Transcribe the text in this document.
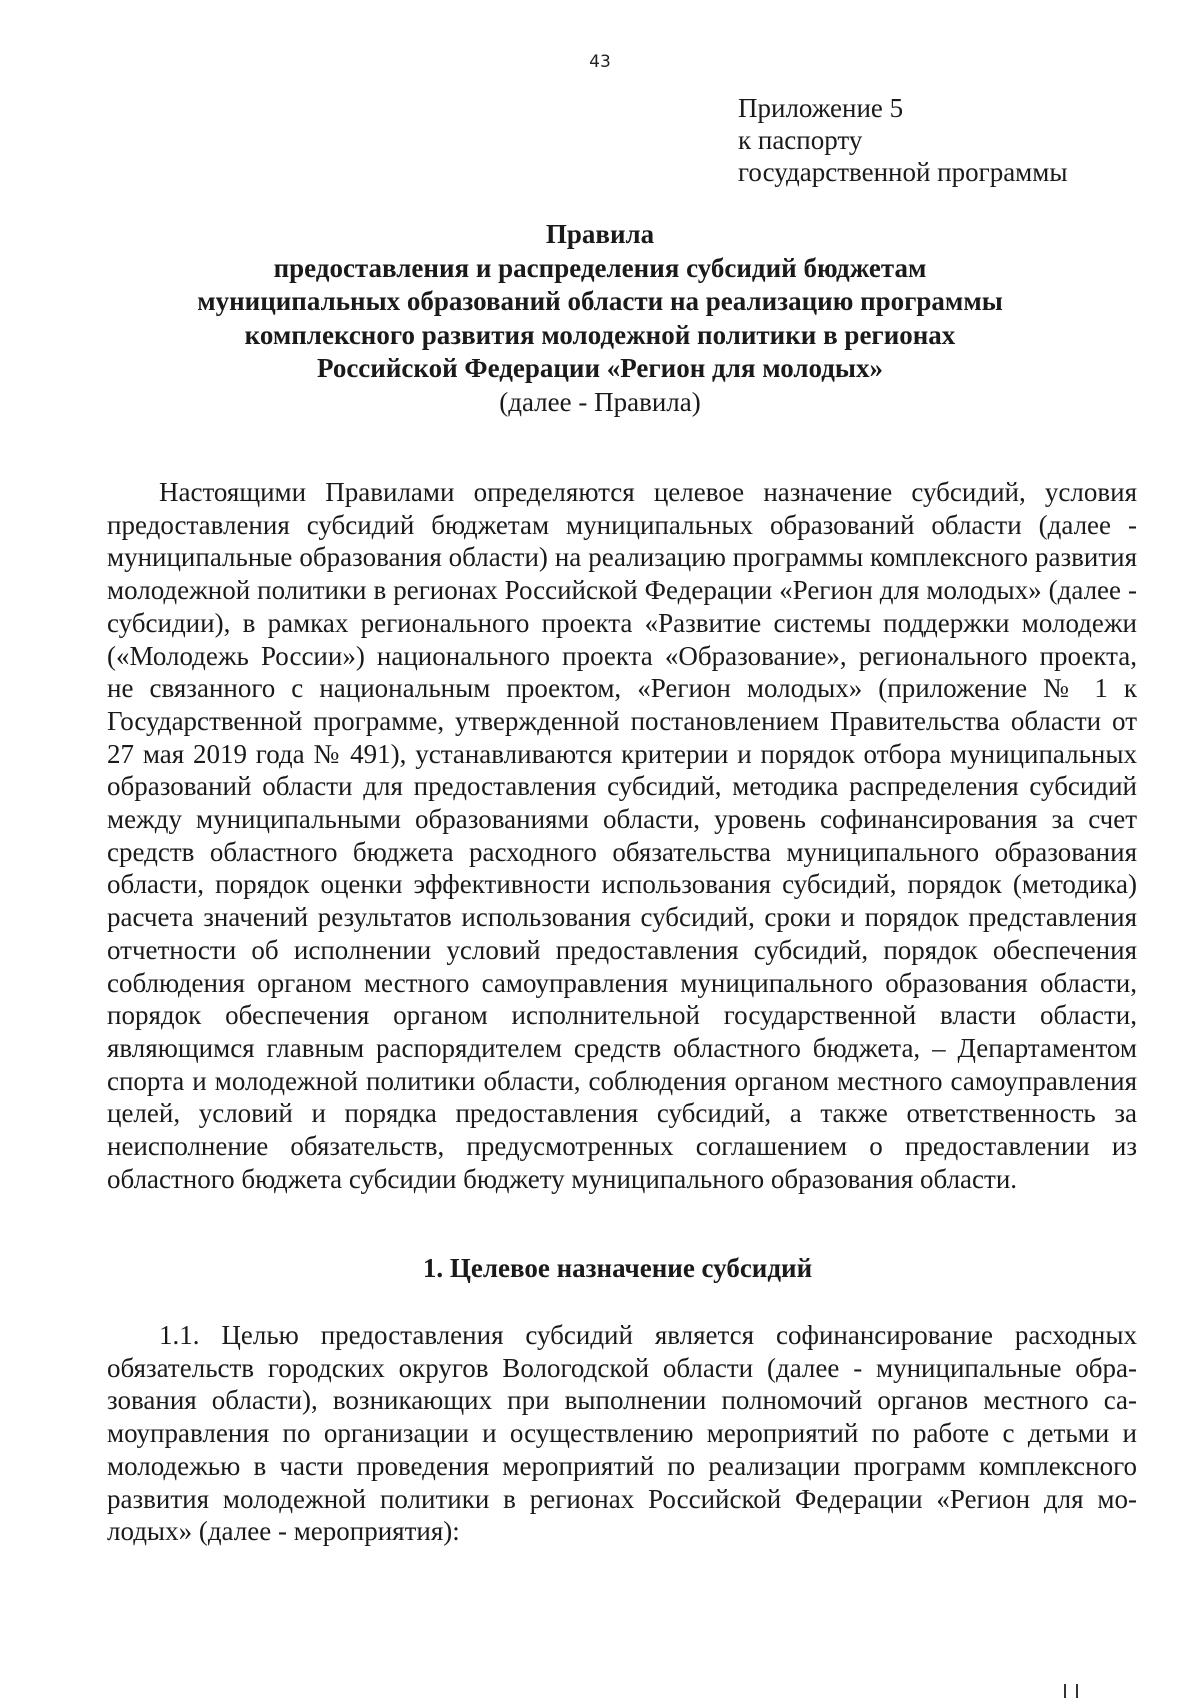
43
Приложение 5
к паспорту
государственной программы
Правила
предоставления и распределения субсидий бюджетам
муниципальных образований области на реализацию программы
комплексного развития молодежной политики в регионах
Российской Федерации «Регион для молодых»
(далее - Правила)

Настоящими Правилами определяются целевое назначение субсидий, условия предоставления субсидий бюджетам муниципальных образований области (далее - муниципальные образования области) на реализацию программы комплексного развития молодежной политики в регионах Российской Федерации «Регион для молодых» (далее - субсидии), в рамках регионального проекта «Развитие системы поддержки молодежи («Молодежь России») национального проекта «Образование», регионального проекта, не связанного с национальным проектом, «Регион молодых» (приложение № 1 к Государственной программе, утвержденной постановлением Правительства области от 27 мая 2019 года № 491), устанавливаются критерии и порядок отбора муниципальных образований области для предоставления субсидий, методика распределения субсидий между муниципальными образованиями области, уровень софинансирования за счет средств областного бюджета расходного обязательства муниципального образования области, порядок оценки эффективности использования субсидий, порядок (методика) расчета значений результатов использования субсидий, сроки и порядок представления отчетности об исполнении условий предоставления субсидий, порядок обеспечения соблюдения органом местного самоуправления муниципального образования области, порядок обеспечения органом исполнительной государственной власти области, являющимся главным распорядителем средств областного бюджета, – Департаментом спорта и молодежной политики области, соблюдения органом местного самоуправления целей, условий и порядка предоставления субсидий, а также ответственность за неисполнение обязательств, предусмотренных соглашением о предоставлении из областного бюджета субсидии бюджету муниципального образования области.

1. Целевое назначение субсидий

1.1. Целью предоставления субсидий является софинансирование расходных обязательств городских округов Вологодской области (далее - муниципальные образования области), возникающих при выполнении полномочий органов местного самоуправления по организации и осуществлению мероприятий по работе с детьми и молодежью в части проведения мероприятий по реализации программ комплексного развития молодежной политики в регионах Российской Федерации «Регион для молодых» (далее - мероприятия):
